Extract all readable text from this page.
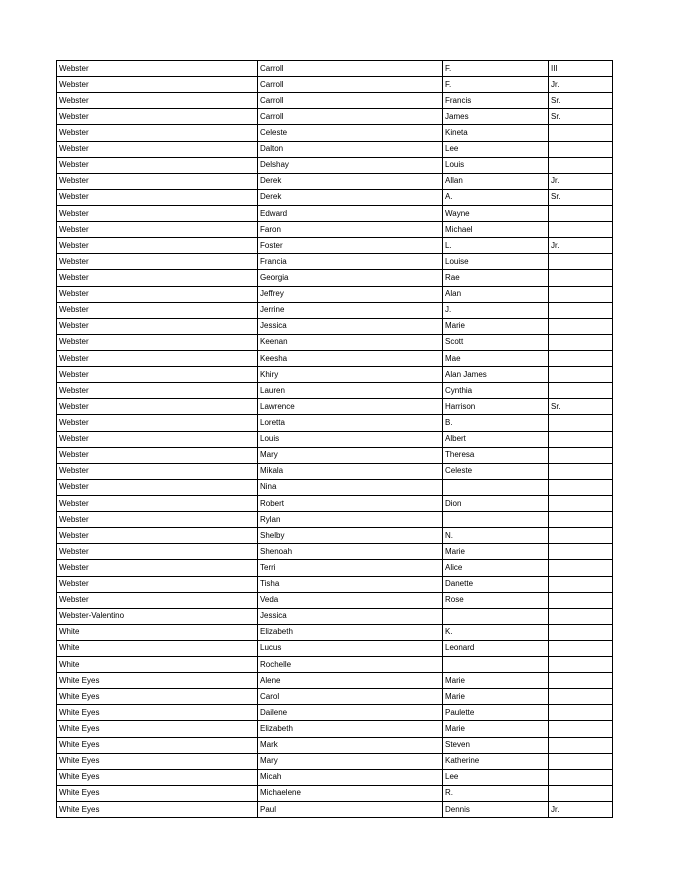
Webster	Carroll	F.	III
Webster	Carroll	F.	Jr.
Webster	Carroll	Francis	Sr.
Webster	Carroll	James	Sr.
Webster	Celeste	Kineta	
Webster	Dalton	Lee	
Webster	Delshay	Louis	
Webster	Derek	Allan	Jr.
Webster	Derek	A.	Sr.
Webster	Edward	Wayne	
Webster	Faron	Michael	
Webster	Foster	L.	Jr.
Webster	Francia	Louise	
Webster	Georgia	Rae	
Webster	Jeffrey	Alan	
Webster	Jerrine	J.	
Webster	Jessica	Marie	
Webster	Keenan	Scott	
Webster	Keesha	Mae	
Webster	Khiry	Alan James	
Webster	Lauren	Cynthia	
Webster	Lawrence	Harrison	Sr.
Webster	Loretta	B.	
Webster	Louis	Albert	
Webster	Mary	Theresa	
Webster	Mikala	Celeste	
Webster	Nina		
Webster	Robert	Dion	
Webster	Rylan		
Webster	Shelby	N.	
Webster	Shenoah	Marie	
Webster	Terri	Alice	
Webster	Tisha	Danette	
Webster	Veda	Rose	
Webster-Valentino	Jessica		
White	Elizabeth	K.	
White	Lucus	Leonard	
White	Rochelle		
White Eyes	Alene	Marie	
White Eyes	Carol	Marie	
White Eyes	Dailene	Paulette	
White Eyes	Elizabeth	Marie	
White Eyes	Mark	Steven	
White Eyes	Mary	Katherine	
White Eyes	Micah	Lee	
White Eyes	Michaelene	R.	
White Eyes	Paul	Dennis	Jr.
